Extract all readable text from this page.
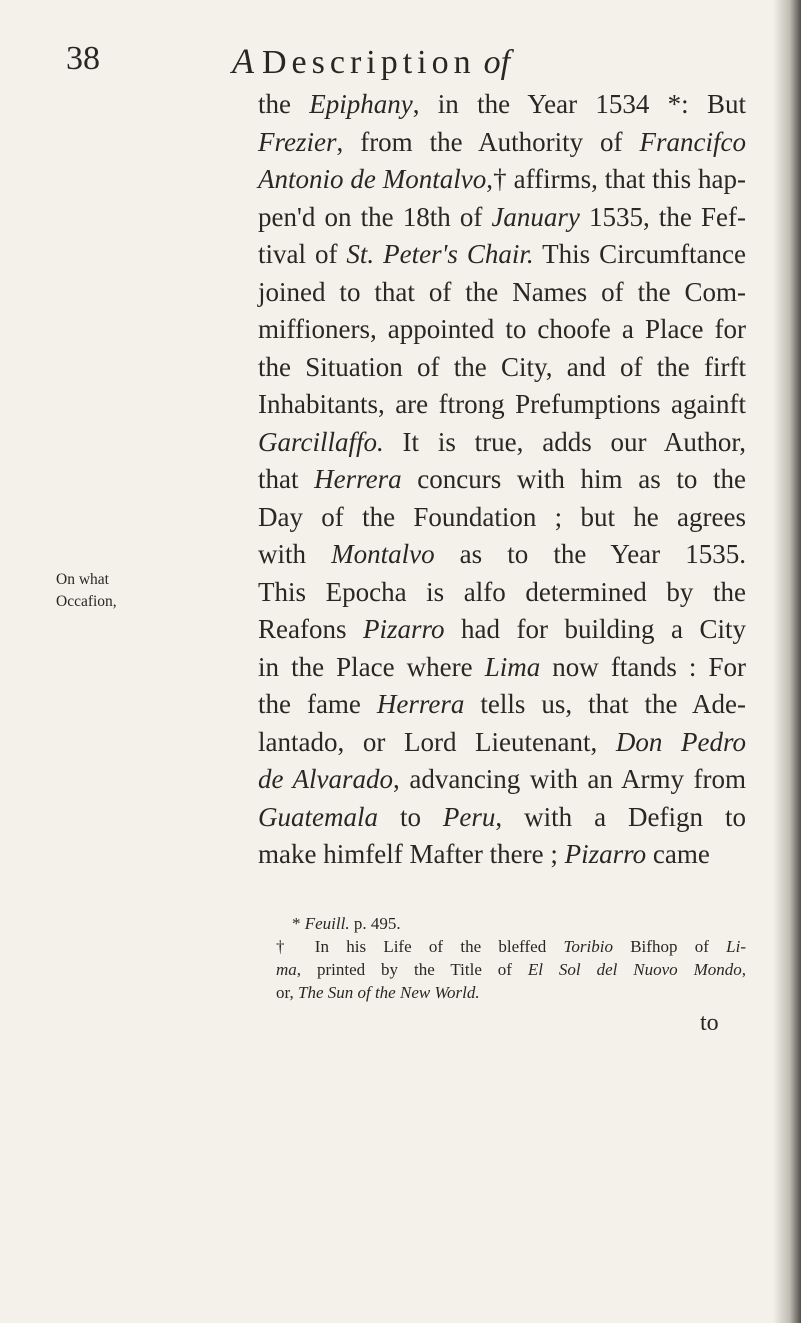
38	A Description of
the Epiphany, in the Year 1534 *: But
Frezier, from the Authority of Francifco
Antonio de Montalvo,† affirms, that this hap-
pen'd on the 18th of January 1535, the Fef-
tival of St. Peter's Chair. This Circumftance
joined to that of the Names of the Com-
miffioners, appointed to choofe a Place for
the Situation of the City, and of the firft
Inhabitants, are ftrong Prefumptions againft
Garcillaffo. It is true, adds our Author,
that Herrera concurs with him as to the
Day of the Foundation ; but he agrees
with Montalvo as to the Year 1535.
This Epocha is alfo determined by the
Reafons Pizarro had for building a City
in the Place where Lima now ftands : For
the fame Herrera tells us, that the Ade-
lantado, or Lord Lieutenant, Don Pedro
de Alvarado, advancing with an Army from
Guatemala to Peru, with a Defign to
make himfelf Mafter there ; Pizarro came
On what
Occafion,
* Feuill. p. 495.
† In his Life of the bleffed Toribio Bifhop of Li-
ma, printed by the Title of El Sol del Nuovo Mondo,
or, The Sun of the New World.
to
